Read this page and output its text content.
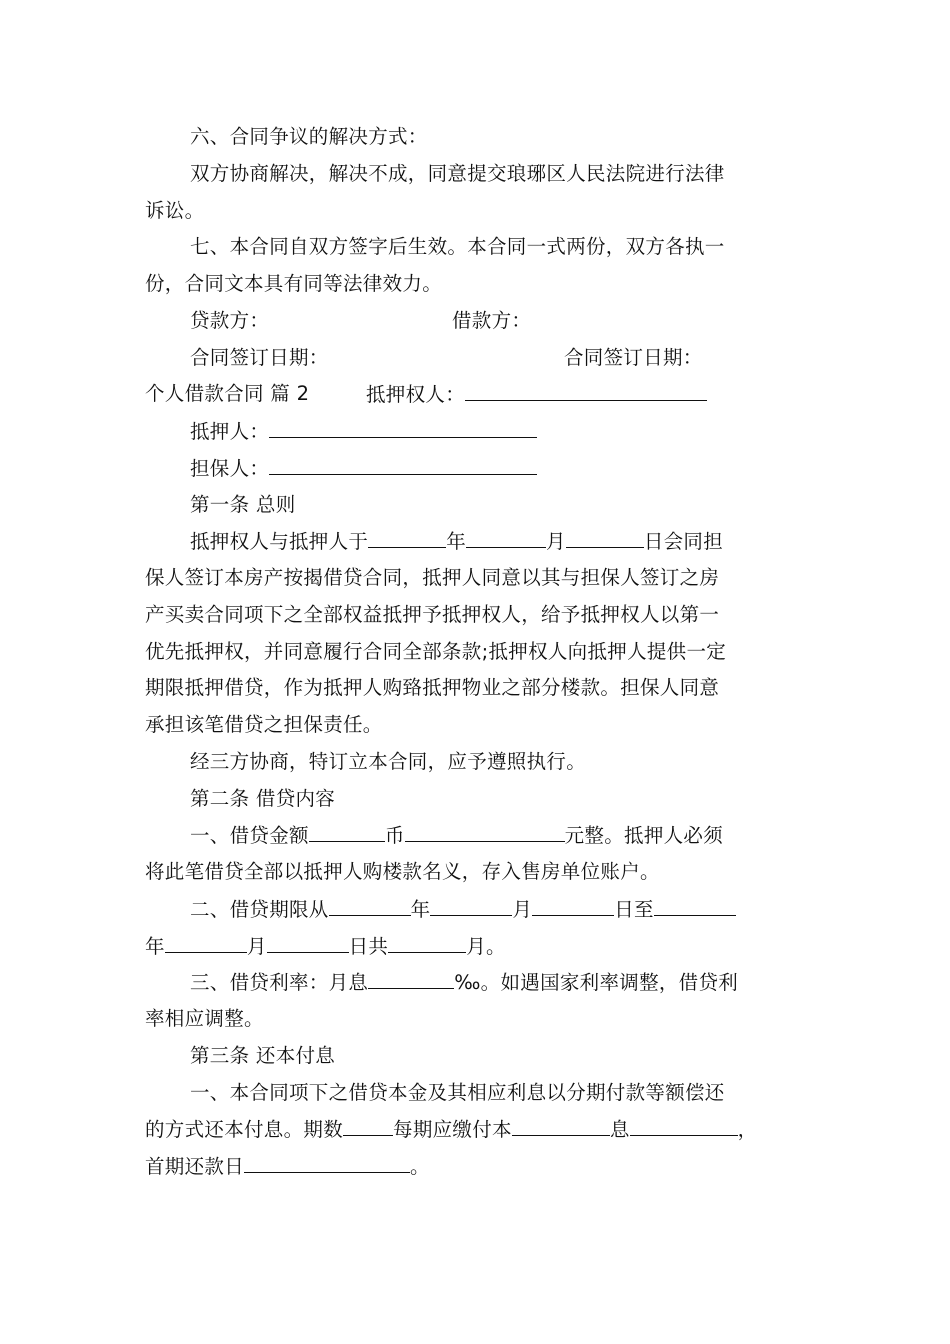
六、合同争议的解决方式：
双方协商解决，解决不成，同意提交琅琊区人民法院进行法律
诉讼。
七、本合同自双方签字后生效。本合同一式两份，双方各执一
份，合同文本具有同等法律效力。
贷款方：	借款方：
合同签订日期：	合同签订日期：
个人借款合同 篇 2	抵押权人：
抵押人：
担保人：
第一条 总则
抵押权人与抵押人于	年	月	日会同担
保人签订本房产按揭借贷合同，抵押人同意以其与担保人签订之房
产买卖合同项下之全部权益抵押予抵押权人，给予抵押权人以第一
优先抵押权，并同意履行合同全部条款;抵押权人向抵押人提供一定
期限抵押借贷，作为抵押人购臵抵押物业之部分楼款。担保人同意
承担该笔借贷之担保责任。
经三方协商，特订立本合同，应予遵照执行。
第二条 借贷内容
一、借贷金额	币	元整。抵押人必须
将此笔借贷全部以抵押人购楼款名义，存入售房单位账户。
二、借贷期限从	年	月	日至
年	月	日共	月。
三、借贷利率：月息	‰。如遇国家利率调整，借贷利
率相应调整。
第三条 还本付息
一、本合同项下之借贷本金及其相应利息以分期付款等额偿还
的方式还本付息。期数	每期应缴付本	息	，
首期还款日	。
